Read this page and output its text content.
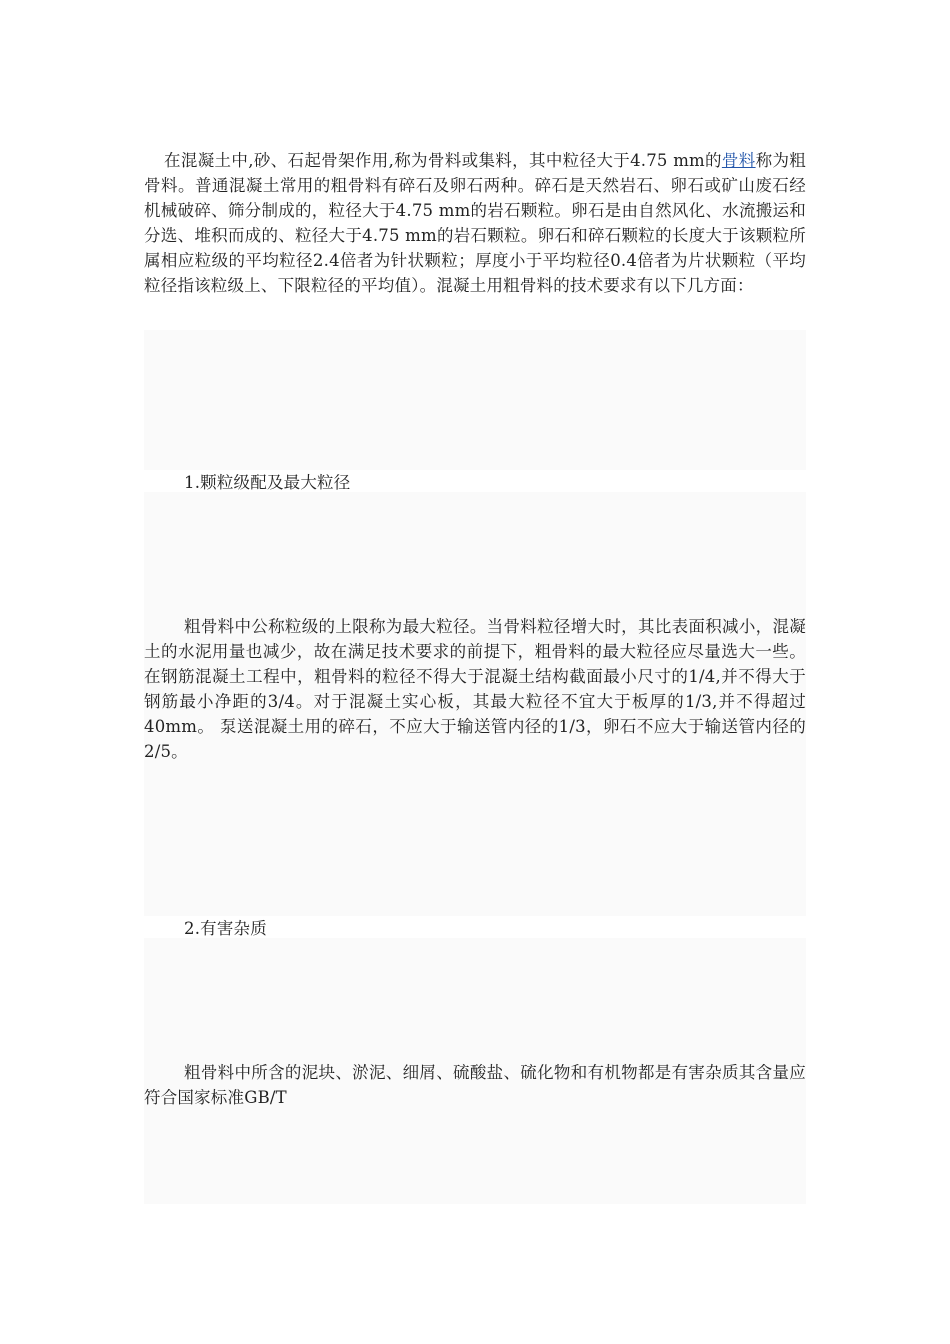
在混凝土中,砂、石起骨架作用,称为骨料或集料，其中粒径大于4.75 mm的骨料称为粗骨料。普通混凝土常用的粗骨料有碎石及卵石两种。碎石是天然岩石、卵石或矿山废石经机械破碎、筛分制成的，粒径大于4.75 mm的岩石颗粒。卵石是由自然风化、水流搬运和分选、堆积而成的、粒径大于4.75 mm的岩石颗粒。卵石和碎石颗粒的长度大于该颗粒所属相应粒级的平均粒径2.4倍者为针状颗粒；厚度小于平均粒径0.4倍者为片状颗粒（平均粒径指该粒级上、下限粒径的平均值）。混凝土用粗骨料的技术要求有以下几方面：

1.颗粒级配及最大粒径

粗骨料中公称粒级的上限称为最大粒径。当骨料粒径增大时，其比表面积减小，混凝土的水泥用量也减少，故在满足技术要求的前提下，粗骨料的最大粒径应尽量选大一些。在钢筋混凝土工程中，粗骨料的粒径不得大于混凝土结构截面最小尺寸的1/4,并不得大于钢筋最小净距的3/4。对于混凝土实心板，其最大粒径不宜大于板厚的1/3,并不得超过40mm。 泵送混凝土用的碎石，不应大于输送管内径的1/3，卵石不应大于输送管内径的2/5。

2.有害杂质

粗骨料中所含的泥块、淤泥、细屑、硫酸盐、硫化物和有机物都是有害杂质其含量应符合国家标准GB/T
